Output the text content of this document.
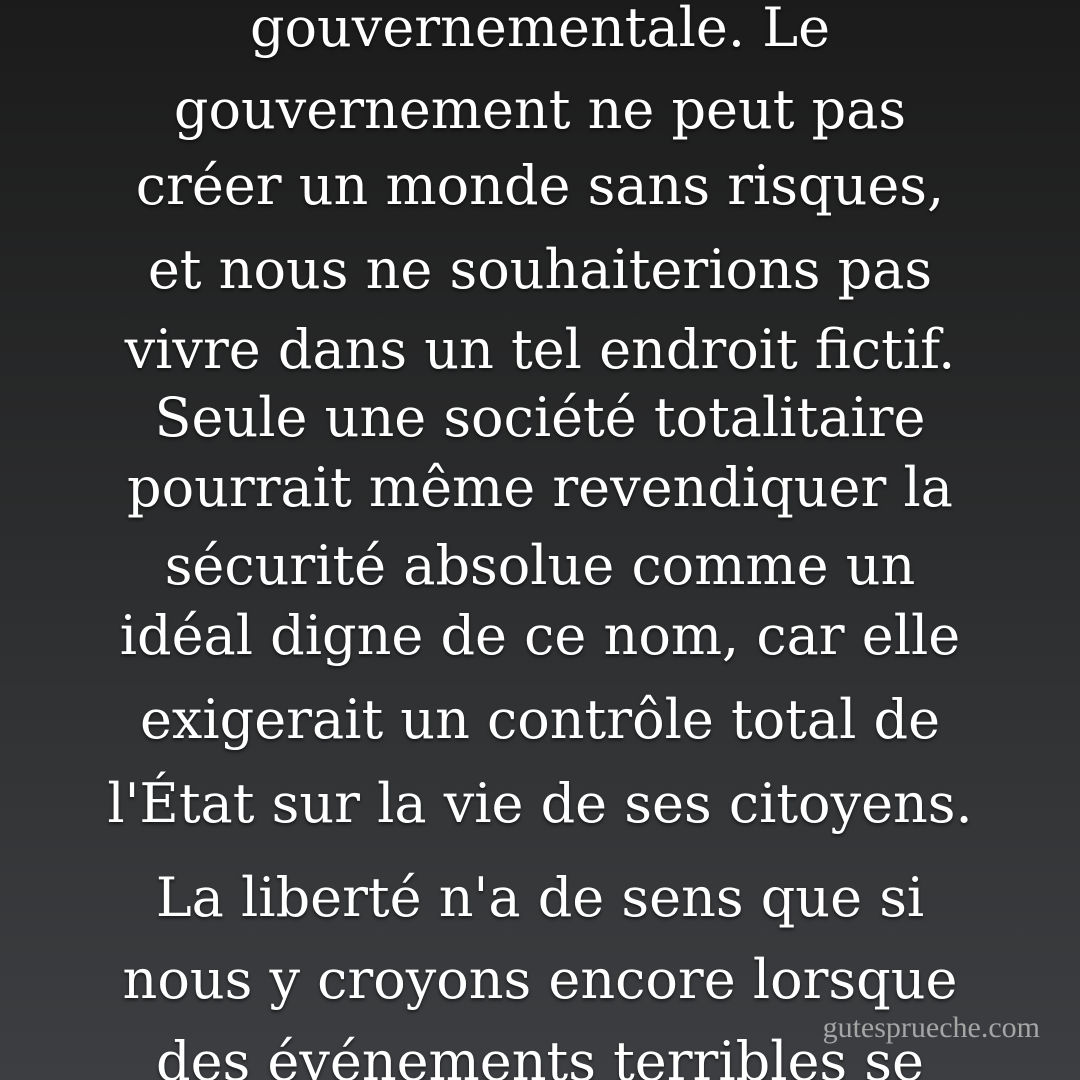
gouvernementale. Le
gouvernement ne peut pas
créer un monde sans risques,
et nous ne souhaiterions pas
vivre dans un tel endroit fictif.
Seule une société totalitaire
pourrait même revendiquer la
sécurité absolue comme un
idéal digne de ce nom, car elle
exigerait un contrôle total de
l'État sur la vie de ses citoyens.
La liberté n'a de sens que si
nous y croyons encore lorsque
des événements terribles se
gutesprueche.com
